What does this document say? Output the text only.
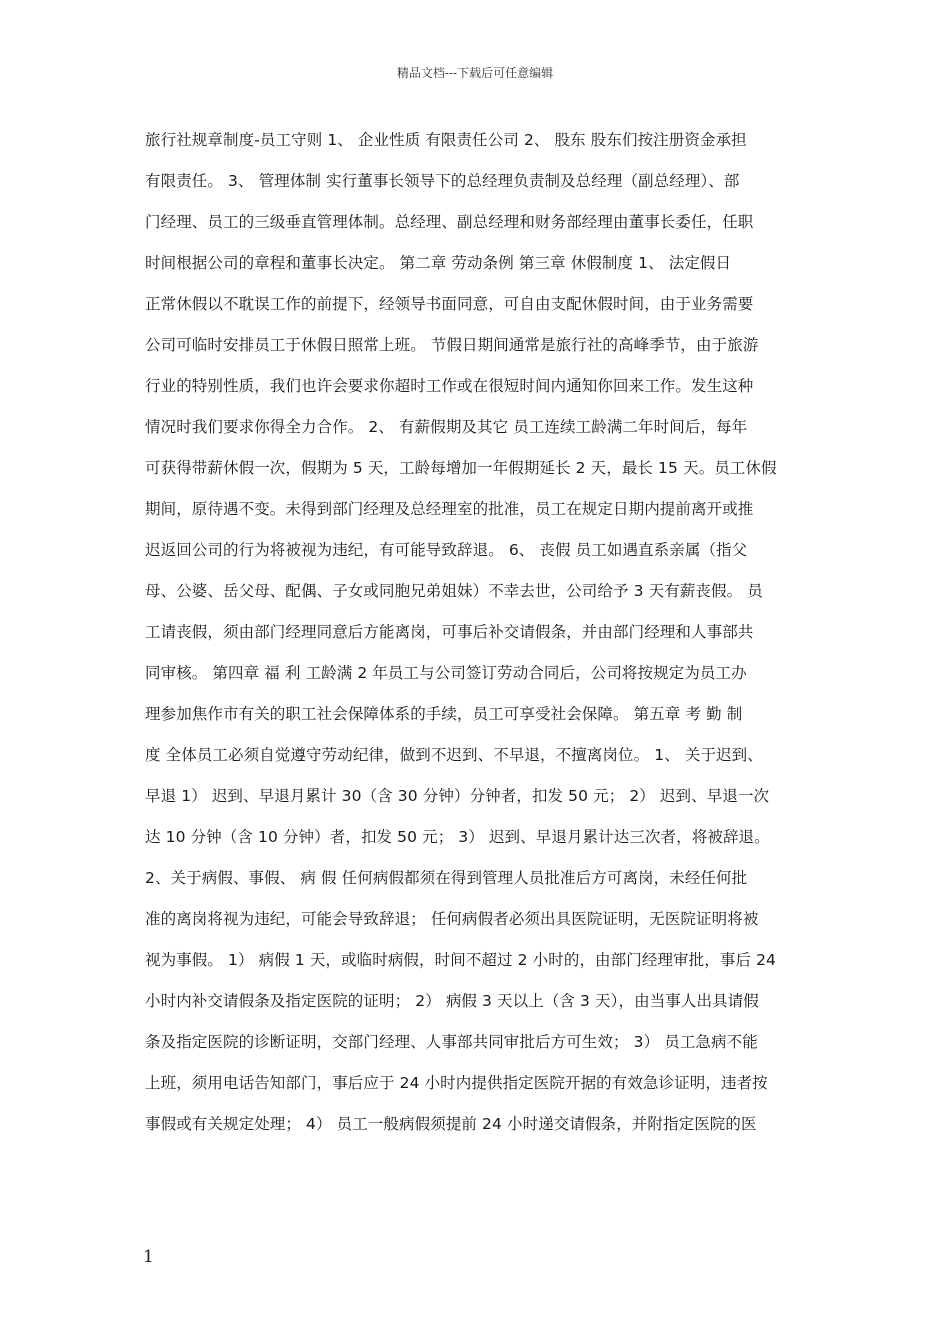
精品文档---下载后可任意编辑
旅行社规章制度-员工守则 1、 企业性质 有限责任公司 2、 股东 股东们按注册资金承担
有限责任。 3、 管理体制 实行董事长领导下的总经理负责制及总经理（副总经理）、部
门经理、员工的三级垂直管理体制。总经理、副总经理和财务部经理由董事长委任，任职
时间根据公司的章程和董事长决定。 第二章 劳动条例 第三章 休假制度 1、 法定假日
正常休假以不耽误工作的前提下，经领导书面同意，可自由支配休假时间，由于业务需要
公司可临时安排员工于休假日照常上班。 节假日期间通常是旅行社的高峰季节，由于旅游
行业的特别性质，我们也许会要求你超时工作或在很短时间内通知你回来工作。发生这种
情况时我们要求你得全力合作。 2、 有薪假期及其它 员工连续工龄满二年时间后，每年
可获得带薪休假一次，假期为 5 天，工龄每增加一年假期延长 2 天，最长 15 天。员工休假
期间，原待遇不变。未得到部门经理及总经理室的批准，员工在规定日期内提前离开或推
迟返回公司的行为将被视为违纪，有可能导致辞退。 6、 丧假 员工如遇直系亲属（指父
母、公婆、岳父母、配偶、子女或同胞兄弟姐妹）不幸去世，公司给予 3 天有薪丧假。 员
工请丧假，须由部门经理同意后方能离岗，可事后补交请假条，并由部门经理和人事部共
同审核。 第四章 福 利 工龄满 2 年员工与公司签订劳动合同后，公司将按规定为员工办
理参加焦作市有关的职工社会保障体系的手续，员工可享受社会保障。 第五章 考 勤 制
度 全体员工必须自觉遵守劳动纪律，做到不迟到、不早退，不擅离岗位。 1、 关于迟到、
早退 1） 迟到、早退月累计 30（含 30 分钟）分钟者，扣发 50 元； 2） 迟到、早退一次
达 10 分钟（含 10 分钟）者，扣发 50 元； 3） 迟到、早退月累计达三次者，将被辞退。
2、关于病假、事假、 病 假 任何病假都须在得到管理人员批准后方可离岗，未经任何批
准的离岗将视为违纪，可能会导致辞退； 任何病假者必须出具医院证明，无医院证明将被
视为事假。 1） 病假 1 天，或临时病假，时间不超过 2 小时的，由部门经理审批，事后 24
小时内补交请假条及指定医院的证明； 2） 病假 3 天以上（含 3 天），由当事人出具请假
条及指定医院的诊断证明，交部门经理、人事部共同审批后方可生效； 3） 员工急病不能
上班，须用电话告知部门，事后应于 24 小时内提供指定医院开据的有效急诊证明，违者按
事假或有关规定处理； 4） 员工一般病假须提前 24 小时递交请假条，并附指定医院的医
1
